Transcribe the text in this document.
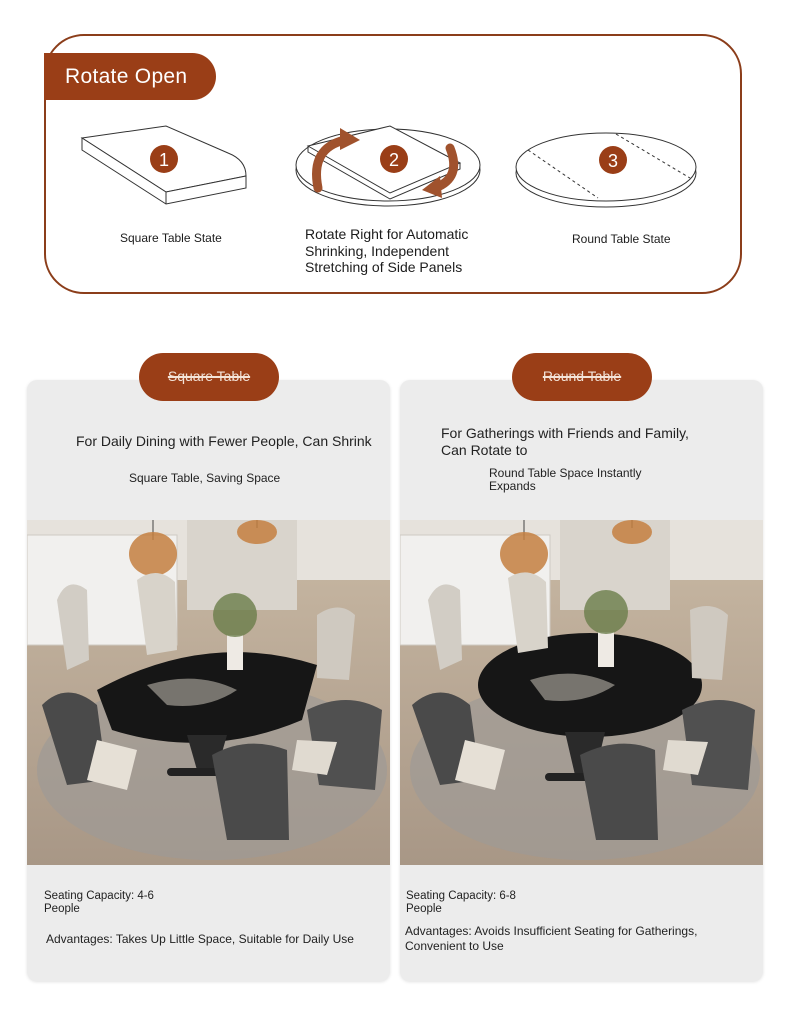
Rotate Open
1
Square Table State
2
Rotate Right for Automatic
Shrinking, Independent
Stretching of Side Panels
3
Round Table State
For Daily Dining with Fewer People, Can Shrink
Square Table, Saving Space
Seating Capacity: 4-6
People
Advantages: Takes Up Little Space, Suitable for Daily Use
Square Table
For Gatherings with Friends and Family,
Can Rotate to
Round Table Space Instantly
Expands
Seating Capacity: 6-8
People
Advantages: Avoids Insufficient Seating for Gatherings,
Convenient to Use
Round Table
